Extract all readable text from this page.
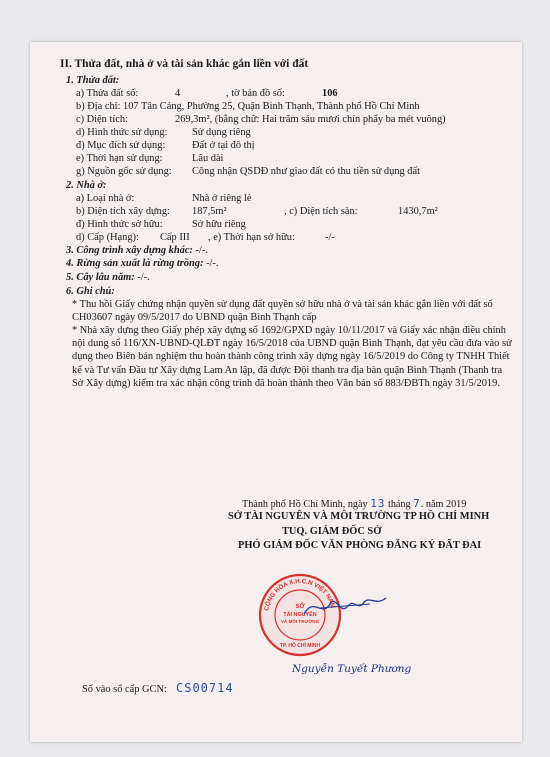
II. Thửa đất, nhà ở và tài sản khác gắn liền với đất
1. Thửa đất:
a) Thửa đất số:	4	, tờ bản đồ số:	106
b) Địa chỉ: 107 Tân Cảng, Phường 25, Quận Bình Thạnh, Thành phố Hồ Chí Minh
c) Diện tích:	269,3m², (bằng chữ: Hai trăm sáu mươi chín phẩy ba mét vuông)
d) Hình thức sử dụng: Sử dụng riêng
đ) Mục đích sử dụng:	Đất ở tại đô thị
e) Thời hạn sử dụng:	Lâu dài
g) Nguồn gốc sử dụng: Công nhận QSDĐ như giao đất có thu tiền sử dụng đất
2. Nhà ở:
a) Loại nhà ở:	Nhà ở riêng lẻ
b) Diện tích xây dựng: 187,5m²	, c) Diện tích sàn:	1430,7m²
đ) Hình thức sở hữu:	Sở hữu riêng
d) Cấp (Hạng): Cấp III , e) Thời hạn sở hữu:	-/-
3. Công trình xây dựng khác: -/-.
4. Rừng sản xuất là rừng trồng: -/-.
5. Cây lâu năm: -/-.
6. Ghi chú:
* Thu hồi Giấy chứng nhận quyền sử dụng đất quyền sở hữu nhà ở và tài sản khác gắn liền với đất số CH03607 ngày 09/5/2017 do UBND quận Bình Thạnh cấp
* Nhà xây dựng theo Giấy phép xây dựng số 1692/GPXD ngày 10/11/2017 và Giấy xác nhận điều chỉnh nội dung số 116/XN-UBND-QLĐT ngày 16/5/2018 của UBND quận Bình Thạnh, đạt yêu cầu đưa vào sử dụng theo Biên bản nghiệm thu hoàn thành công trình xây dựng ngày 16/5/2019 do Công ty TNHH Thiết kế và Tư vấn Đầu tư Xây dựng Lam An lập, đã được Đội thanh tra địa bàn quận Bình Thạnh (Thanh tra Sở Xây dựng) kiểm tra xác nhận công trình đã hoàn thành theo Văn bản số 883/ĐBTh ngày 31/5/2019.
Thành phố Hồ Chí Minh, ngày 13 tháng 7. năm 2019
SỞ TÀI NGUYÊN VÀ MÔI TRƯỜNG TP HỒ CHÍ MINH
TUQ. GIÁM ĐỐC SỞ
PHÓ GIÁM ĐỐC VĂN PHÒNG ĐĂNG KÝ ĐẤT ĐAI
CỘNG HÒA X.H.C.N VIỆT NAM
SỞ
TÀI NGUYÊN
VÀ MÔI TRƯỜNG
TP. HỒ CHÍ MINH
Nguyễn Tuyết Phương
Số vào sổ cấp GCN: CS00714
